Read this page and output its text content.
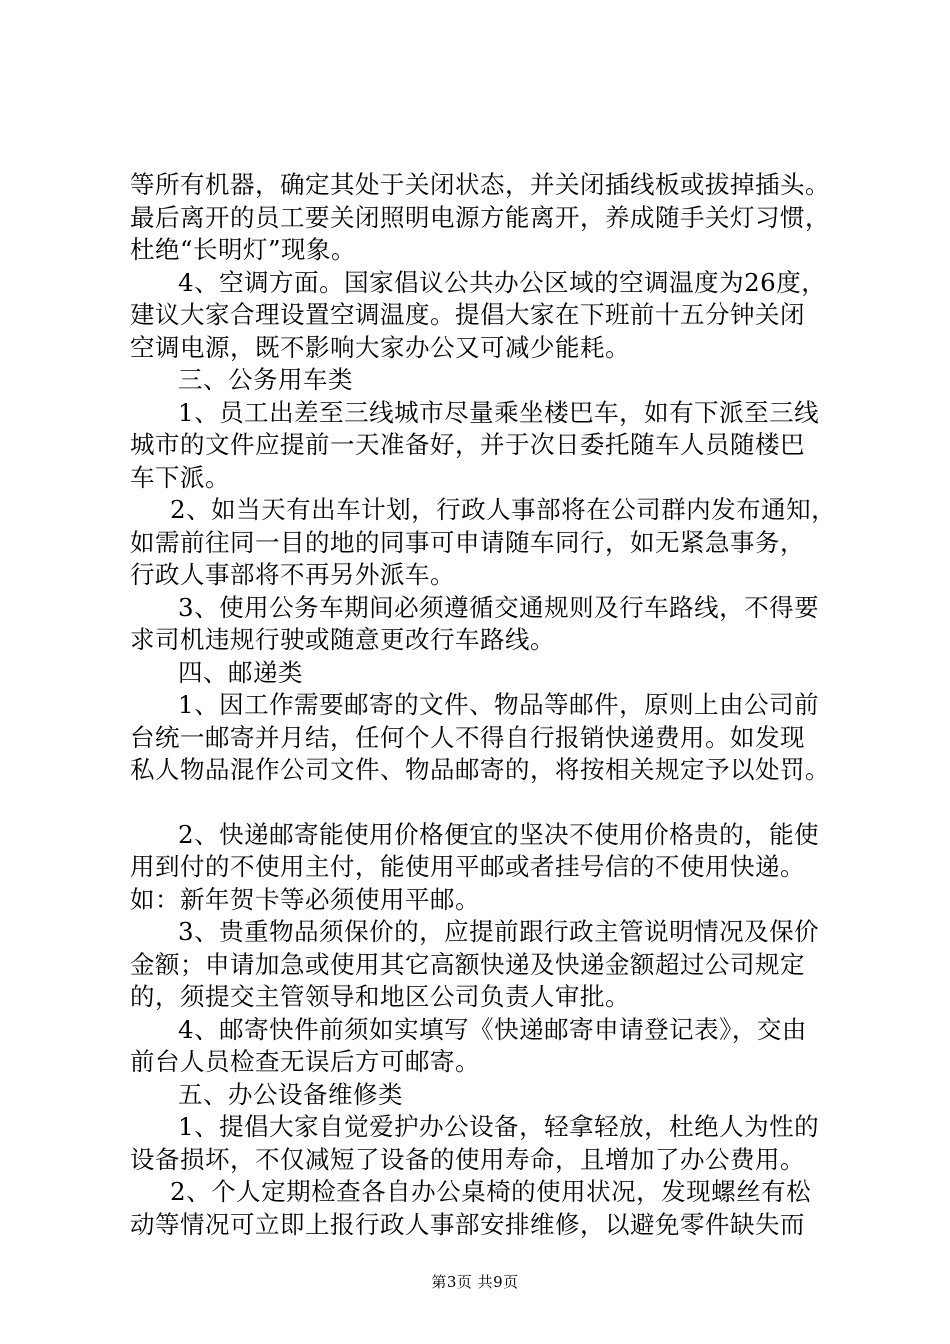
等所有机器，确定其处于关闭状态，并关闭插线板或拔掉插头。
最后离开的员工要关闭照明电源方能离开，养成随手关灯习惯，
杜绝“长明灯”现象。
4、空调方面。国家倡议公共办公区域的空调温度为26度，
建议大家合理设置空调温度。提倡大家在下班前十五分钟关闭
空调电源，既不影响大家办公又可减少能耗。
三、公务用车类
1、员工出差至三线城市尽量乘坐楼巴车，如有下派至三线
城市的文件应提前一天准备好，并于次日委托随车人员随楼巴
车下派。
2、如当天有出车计划，行政人事部将在公司群内发布通知，
如需前往同一目的地的同事可申请随车同行，如无紧急事务，
行政人事部将不再另外派车。
3、使用公务车期间必须遵循交通规则及行车路线，不得要
求司机违规行驶或随意更改行车路线。
四、邮递类
1、因工作需要邮寄的文件、物品等邮件，原则上由公司前
台统一邮寄并月结，任何个人不得自行报销快递费用。如发现
私人物品混作公司文件、物品邮寄的，将按相关规定予以处罚。
2、快递邮寄能使用价格便宜的坚决不使用价格贵的，能使
用到付的不使用主付，能使用平邮或者挂号信的不使用快递。
如：新年贺卡等必须使用平邮。
3、贵重物品须保价的，应提前跟行政主管说明情况及保价
金额；申请加急或使用其它高额快递及快递金额超过公司规定
的，须提交主管领导和地区公司负责人审批。
4、邮寄快件前须如实填写《快递邮寄申请登记表》，交由
前台人员检查无误后方可邮寄。
五、办公设备维修类
1、提倡大家自觉爱护办公设备，轻拿轻放，杜绝人为性的
设备损坏，不仅减短了设备的使用寿命，且增加了办公费用。
2、个人定期检查各自办公桌椅的使用状况，发现螺丝有松
动等情况可立即上报行政人事部安排维修，以避免零件缺失而
第3页 共9页
